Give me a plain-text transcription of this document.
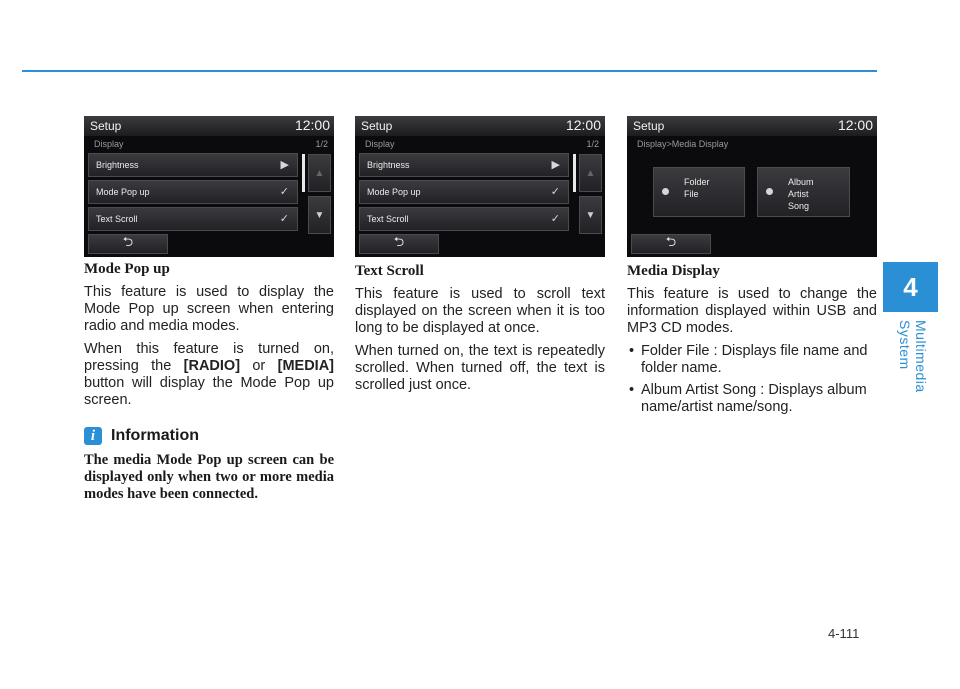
4
Multimedia System
Setup	12:00
Display	1/2
Brightness	▶
Mode Pop up	✓
Text Scroll	✓
▲
▼
⮌
Setup	12:00
Display	1/2
Brightness	▶
Mode Pop up	✓
Text Scroll	✓
▲
▼
⮌
Setup	12:00
Display>Media Display
Folder
File
Album
Artist
Song
⮌
Mode Pop up

This feature is used to display the Mode Pop up screen when entering radio and media modes.

When this feature is turned on, pressing the [RADIO] or [MEDIA] button will display the Mode Pop up screen.

i Information
The media Mode Pop up screen can be displayed only when two or more media modes have been connected.
Text Scroll

This feature is used to scroll text displayed on the screen when it is too long to be displayed at once.

When turned on, the text is repeatedly scrolled. When turned off, the text is scrolled just once.

Media Display

This feature is used to change the information displayed within USB and MP3 CD modes.

• Folder File : Displays file name and folder name.
• Album Artist Song : Displays album name/artist name/song.
4-111
